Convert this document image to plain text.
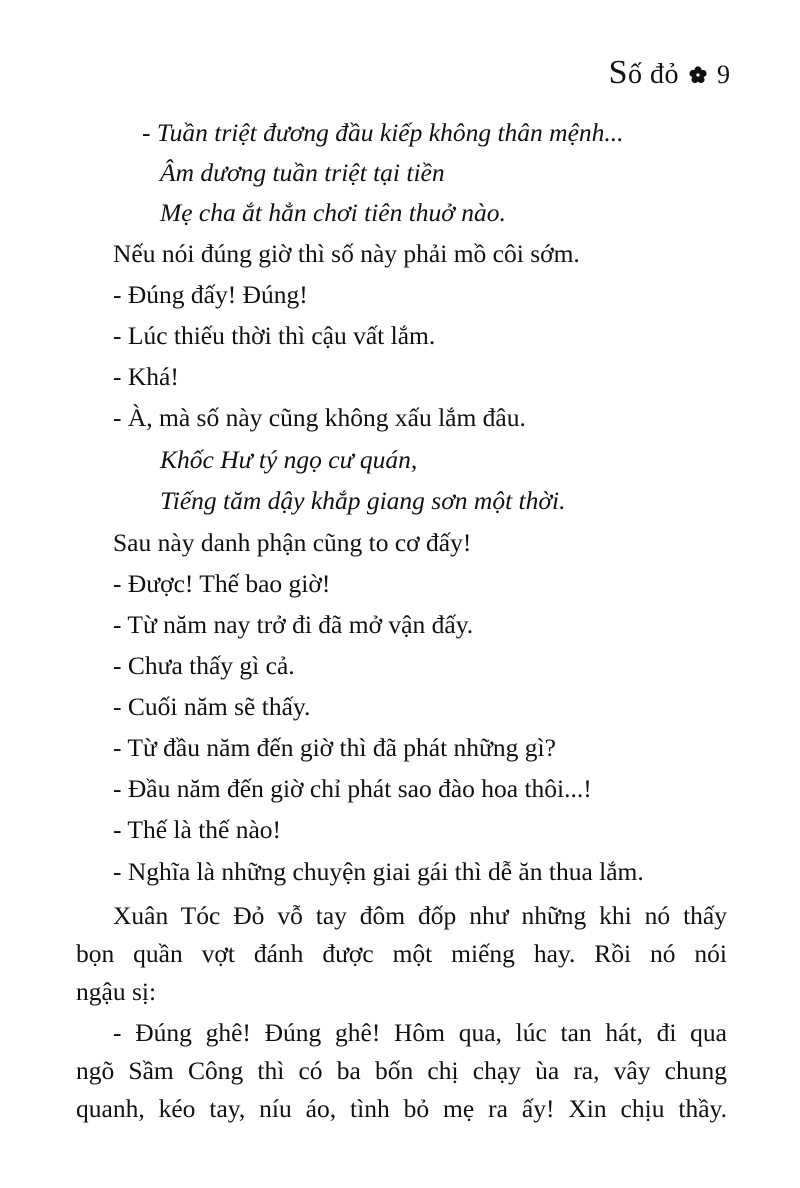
Số đỏ 9
- Tuần triệt đương đầu kiếp không thân mệnh...
Âm dương tuần triệt tại tiền
Mẹ cha ắt hẳn chơi tiên thuở nào.
Nếu nói đúng giờ thì số này phải mồ côi sớm.
- Đúng đấy! Đúng!
- Lúc thiếu thời thì cậu vất lắm.
- Khá!
- À, mà số này cũng không xấu lắm đâu.
Khốc Hư tý ngọ cư quán,
Tiếng tăm dậy khắp giang sơn một thời.
Sau này danh phận cũng to cơ đấy!
- Được! Thế bao giờ!
- Từ năm nay trở đi đã mở vận đấy.
- Chưa thấy gì cả.
- Cuối năm sẽ thấy.
- Từ đầu năm đến giờ thì đã phát những gì?
- Đầu năm đến giờ chỉ phát sao đào hoa thôi...!
- Thế là thế nào!
- Nghĩa là những chuyện giai gái thì dễ ăn thua lắm.
Xuân Tóc Đỏ vỗ tay đôm đốp như những khi nó thấy
bọn quần vợt đánh được một miếng hay. Rồi nó nói
ngậu sị:
- Đúng ghê! Đúng ghê! Hôm qua, lúc tan hát, đi qua
ngõ Sầm Công thì có ba bốn chị chạy ùa ra, vây chung
quanh, kéo tay, níu áo, tình bỏ mẹ ra ấy! Xin chịu thầy.
